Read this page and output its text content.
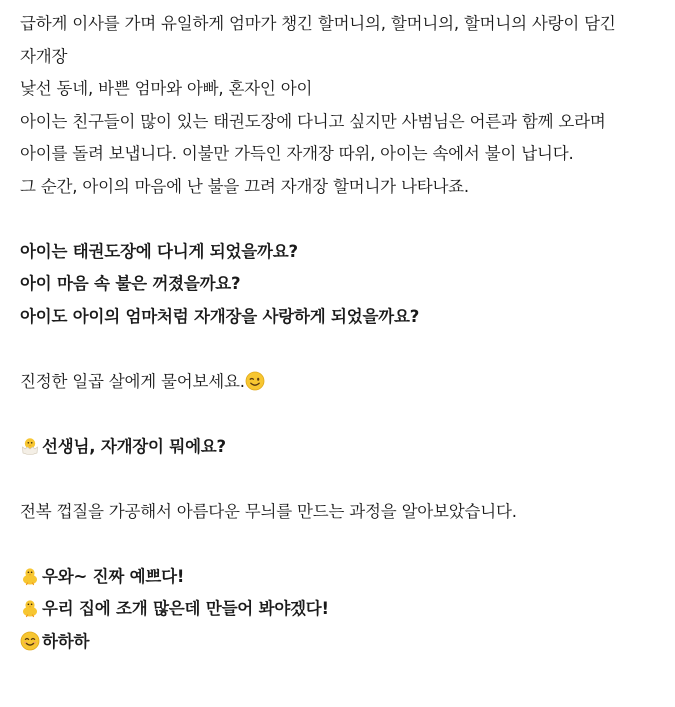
급하게 이사를 가며 유일하게 엄마가 챙긴 할머니의, 할머니의, 할머니의 사랑이 담긴
자개장
낯선 동네, 바쁜 엄마와 아빠, 혼자인 아이
아이는 친구들이 많이 있는 태권도장에 다니고 싶지만 사범님은 어른과 함께 오라며
아이를 돌려 보냅니다. 이불만 가득인 자개장 따위, 아이는 속에서 불이 납니다.
그 순간, 아이의 마음에 난 불을 끄려 자개장 할머니가 나타나죠.
아이는 태권도장에 다니게 되었을까요?
아이 마음 속 불은 꺼졌을까요?
아이도 아이의 엄마처럼 자개장을 사랑하게 되었을까요?
진정한 일곱 살에게 물어보세요.
선생님, 자개장이 뭐에요?
전복 껍질을 가공해서 아름다운 무늬를 만드는 과정을 알아보았습니다.
우와~ 진짜 예쁘다!
우리 집에 조개 많은데 만들어 봐야겠다!
하하하
